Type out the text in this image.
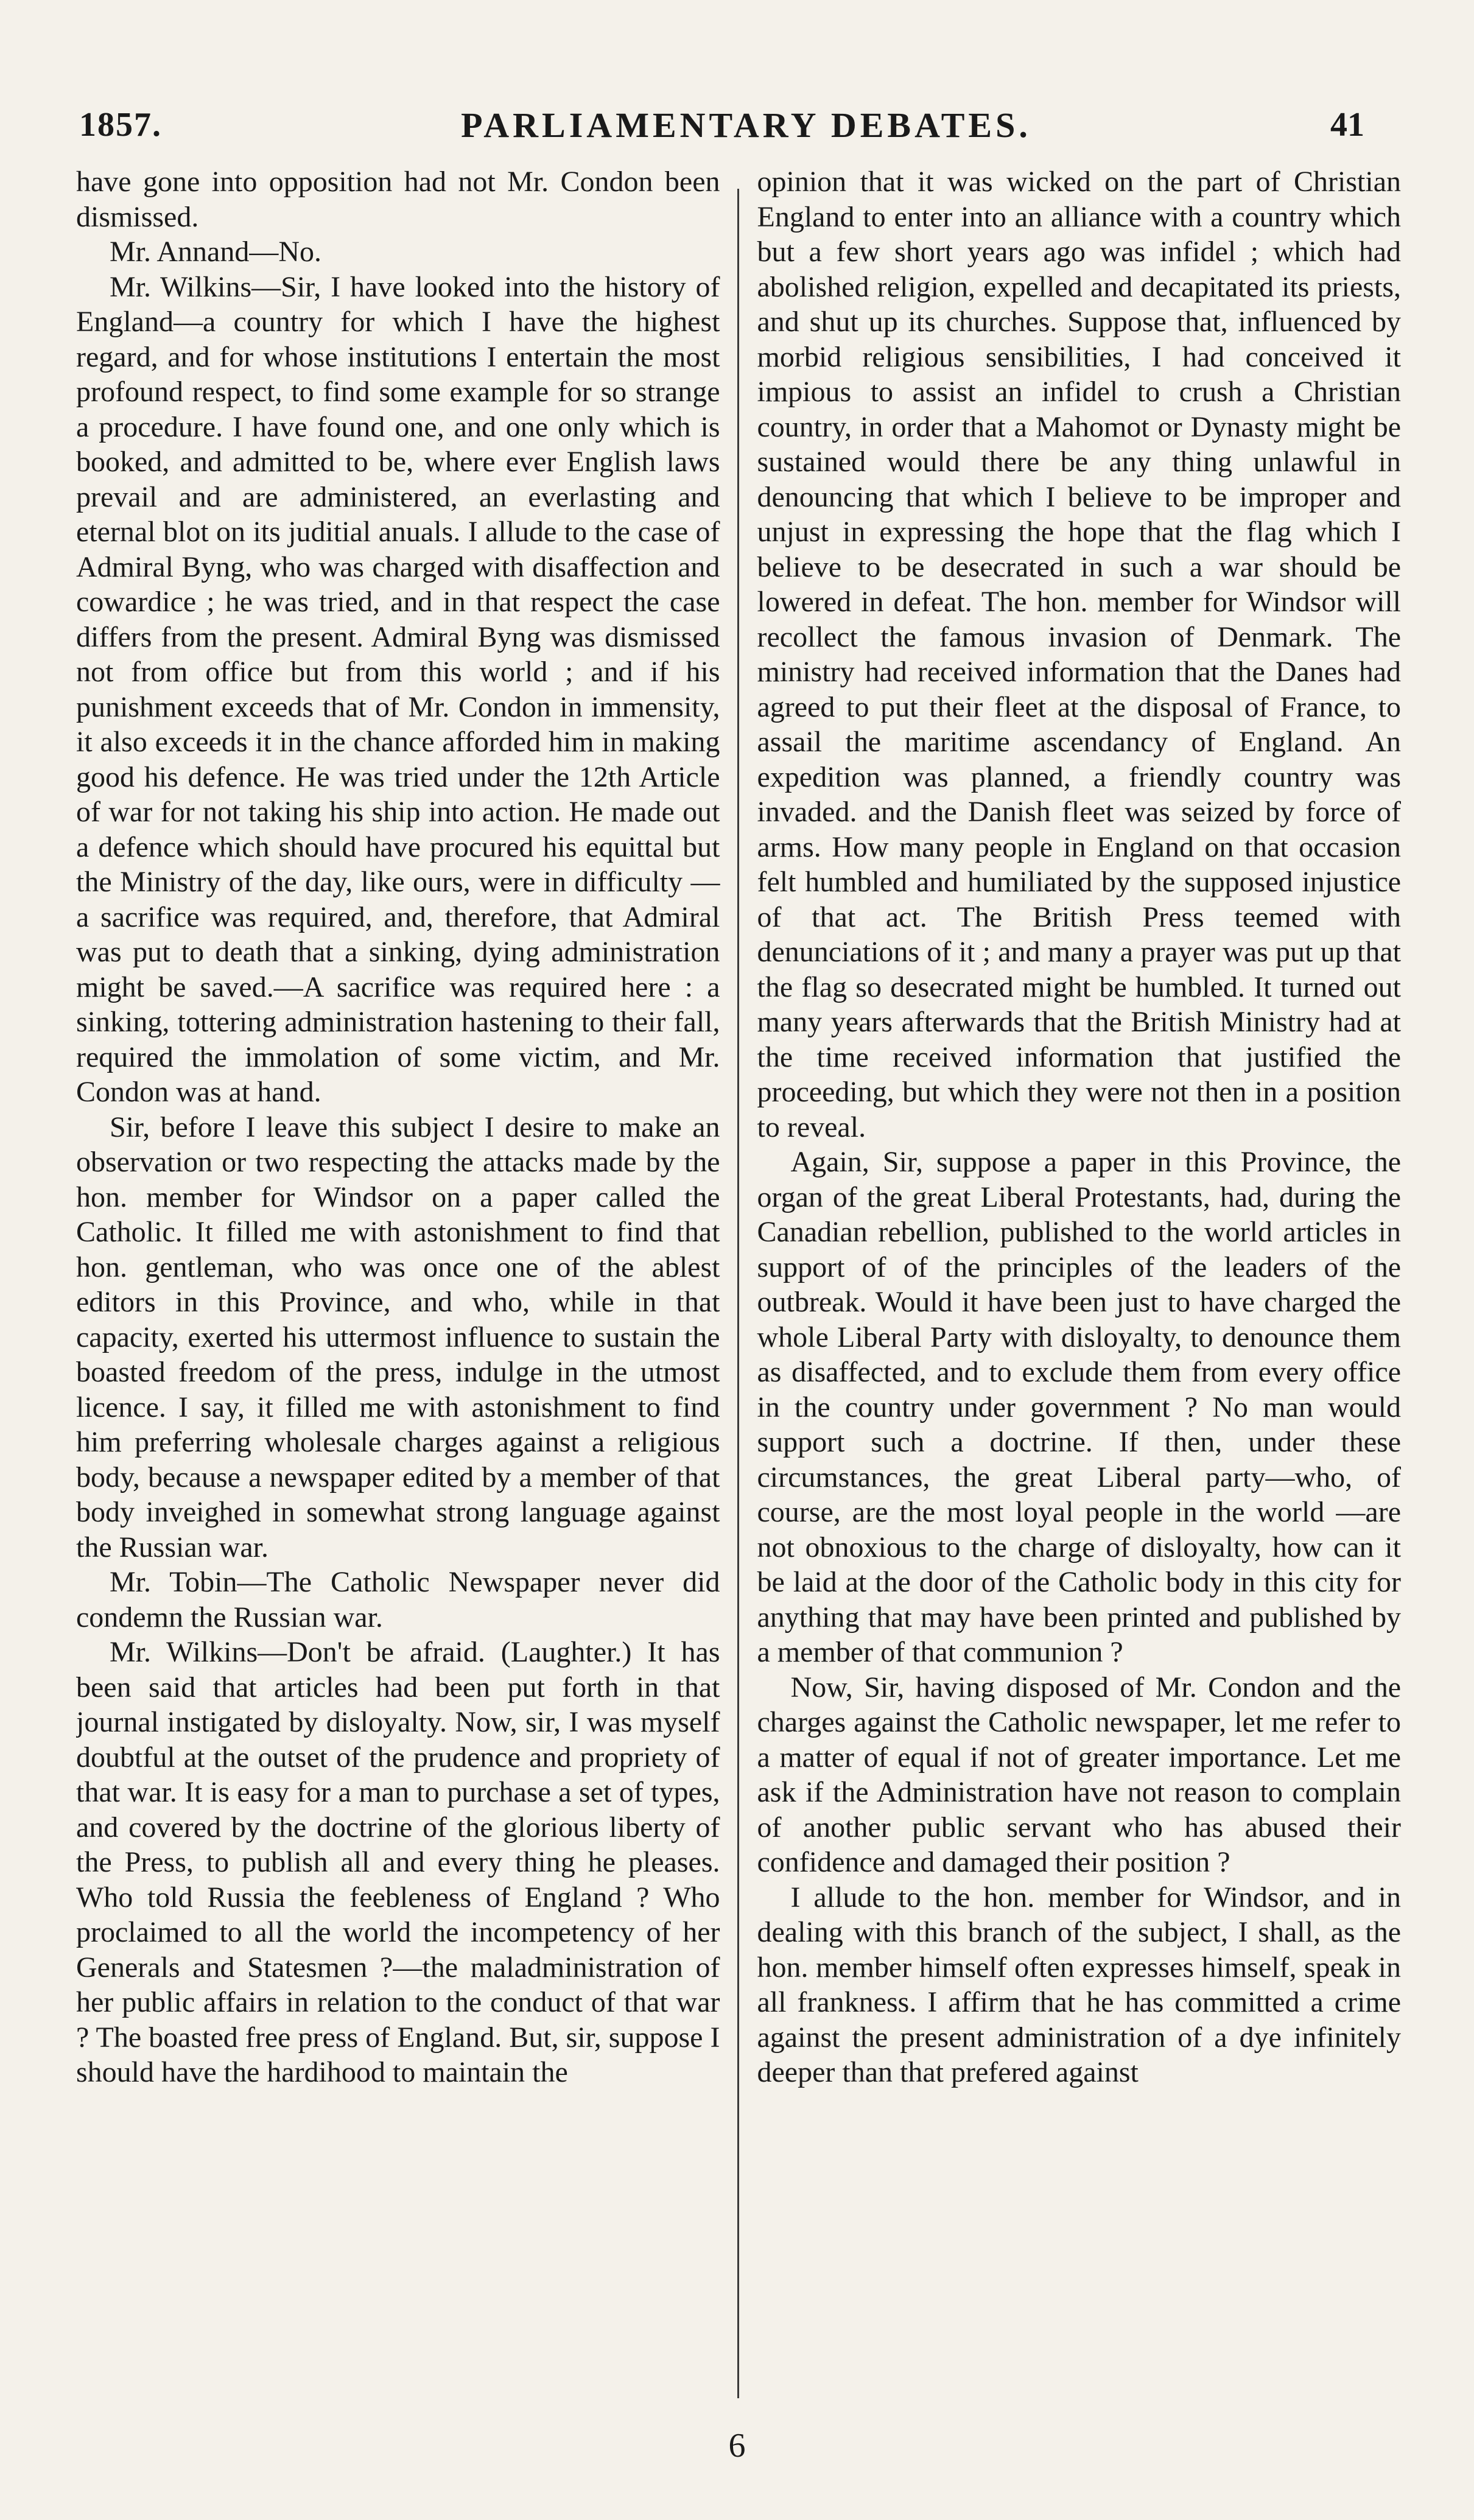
1857.	PARLIAMENTARY DEBATES.	41

have gone into opposition had not Mr. Condon been dismissed.

Mr. Annand—No.

Mr. Wilkins—Sir, I have looked into the history of England—a country for which I have the highest regard, and for whose institutions I entertain the most profound respect, to find some example for so strange a procedure. I have found one, and one only which is booked, and admitted to be, where ever English laws prevail and are administered, an everlasting and eternal blot on its juditial anuals. I allude to the case of Admiral Byng, who was charged with disaffection and cowardice ; he was tried, and in that respect the case differs from the present. Admiral Byng was dismissed not from office but from this world ; and if his punishment exceeds that of Mr. Condon in immensity, it also exceeds it in the chance afforded him in making good his defence. He was tried under the 12th Article of war for not taking his ship into action. He made out a defence which should have procured his equittal but the Ministry of the day, like ours, were in difficulty — a sacrifice was required, and, therefore, that Admiral was put to death that a sinking, dying administration might be saved.—A sacrifice was required here : a sinking, tottering administration hastening to their fall, required the immolation of some victim, and Mr. Condon was at hand.

Sir, before I leave this subject I desire to make an observation or two respecting the attacks made by the hon. member for Windsor on a paper called the Catholic. It filled me with astonishment to find that hon. gentleman, who was once one of the ablest editors in this Province, and who, while in that capacity, exerted his uttermost influence to sustain the boasted freedom of the press, indulge in the utmost licence. I say, it filled me with astonishment to find him preferring wholesale charges against a religious body, because a newspaper edited by a member of that body inveighed in somewhat strong language against the Russian war.

Mr. Tobin—The Catholic Newspaper never did condemn the Russian war.

Mr. Wilkins—Don't be afraid. (Laughter.) It has been said that articles had been put forth in that journal instigated by disloyalty. Now, sir, I was myself doubtful at the outset of the prudence and propriety of that war. It is easy for a man to purchase a set of types, and covered by the doctrine of the glorious liberty of the Press, to publish all and every thing he pleases. Who told Russia the feebleness of England ? Who proclaimed to all the world the incompetency of her Generals and Statesmen ?—the maladministration of her public affairs in relation to the conduct of that war ? The boasted free press of England. But, sir, suppose I should have the hardihood to maintain the

opinion that it was wicked on the part of Christian England to enter into an alliance with a country which but a few short years ago was infidel ; which had abolished religion, expelled and decapitated its priests, and shut up its churches. Suppose that, influenced by morbid religious sensibilities, I had conceived it impious to assist an infidel to crush a Christian country, in order that a Mahomot or Dynasty might be sustained would there be any thing unlawful in denouncing that which I believe to be improper and unjust in expressing the hope that the flag which I believe to be desecrated in such a war should be lowered in defeat. The hon. member for Windsor will recollect the famous invasion of Denmark. The ministry had received information that the Danes had agreed to put their fleet at the disposal of France, to assail the maritime ascendancy of England. An expedition was planned, a friendly country was invaded. and the Danish fleet was seized by force of arms. How many people in England on that occasion felt humbled and humiliated by the supposed injustice of that act. The British Press teemed with denunciations of it ; and many a prayer was put up that the flag so desecrated might be humbled. It turned out many years afterwards that the British Ministry had at the time received information that justified the proceeding, but which they were not then in a position to reveal.

Again, Sir, suppose a paper in this Province, the organ of the great Liberal Protestants, had, during the Canadian rebellion, published to the world articles in support of of the principles of the leaders of the outbreak. Would it have been just to have charged the whole Liberal Party with disloyalty, to denounce them as disaffected, and to exclude them from every office in the country under government ? No man would support such a doctrine. If then, under these circumstances, the great Liberal party—who, of course, are the most loyal people in the world —are not obnoxious to the charge of disloyalty, how can it be laid at the door of the Catholic body in this city for anything that may have been printed and published by a member of that communion ?

Now, Sir, having disposed of Mr. Condon and the charges against the Catholic newspaper, let me refer to a matter of equal if not of greater importance. Let me ask if the Administration have not reason to complain of another public servant who has abused their confidence and damaged their position ?

I allude to the hon. member for Windsor, and in dealing with this branch of the subject, I shall, as the hon. member himself often expresses himself, speak in all frankness. I affirm that he has committed a crime against the present administration of a dye infinitely deeper than that prefered against

6
